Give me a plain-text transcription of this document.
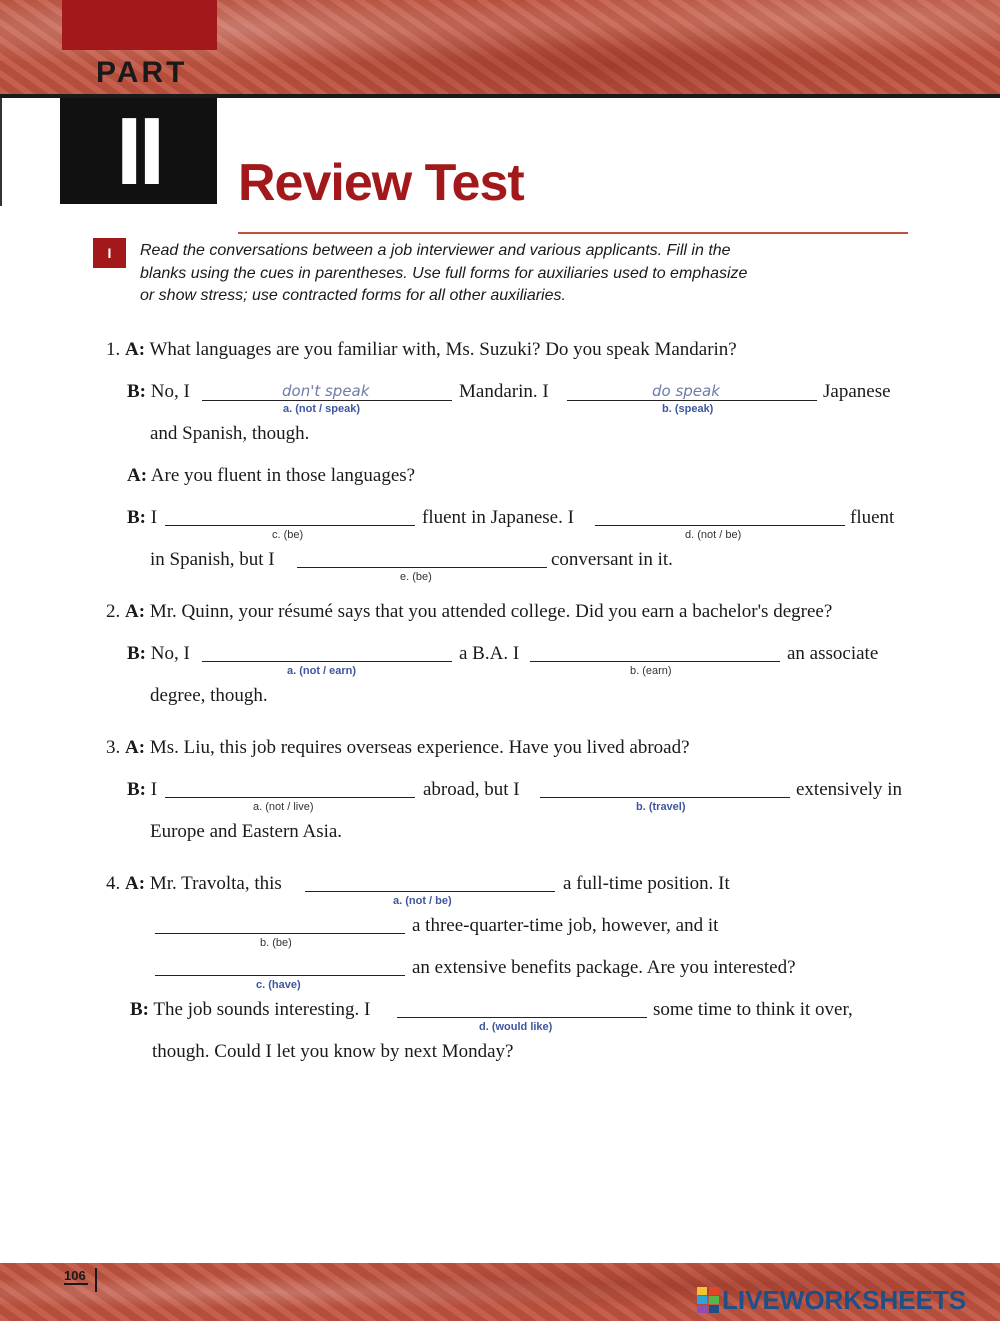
PART
II	Review Test
I	Read the conversations between a job interviewer and various applicants. Fill in the
blanks using the cues in parentheses. Use full forms for auxiliaries used to emphasize
or show stress; use contracted forms for all other auxiliaries.
1. A: What languages are you familiar with, Ms. Suzuki? Do you speak Mandarin?
B: No, I	don't speak
a. (not / speak)
Mandarin. I	do speak
b. (speak)
Japanese
and Spanish, though.
A: Are you fluent in those languages?
B: I
c. (be)
fluent in Japanese. I
d. (not / be)
fluent
in Spanish, but I
e. (be)
conversant in it.
2. A: Mr. Quinn, your résumé says that you attended college. Did you earn a bachelor's degree?
B: No, I
a. (not / earn)
a B.A. I
b. (earn)
an associate
degree, though.
3. A: Ms. Liu, this job requires overseas experience. Have you lived abroad?
B: I
a. (not / live)
abroad, but I
b. (travel)
extensively in
Europe and Eastern Asia.
4. A: Mr. Travolta, this
a. (not / be)
a full-time position. It
b. (be)
a three-quarter-time job, however, and it
c. (have)
an extensive benefits package. Are you interested?
B: The job sounds interesting. I
d. (would like)
some time to think it over,
though. Could I let you know by next Monday?
106
LIVEWORKSHEETS
